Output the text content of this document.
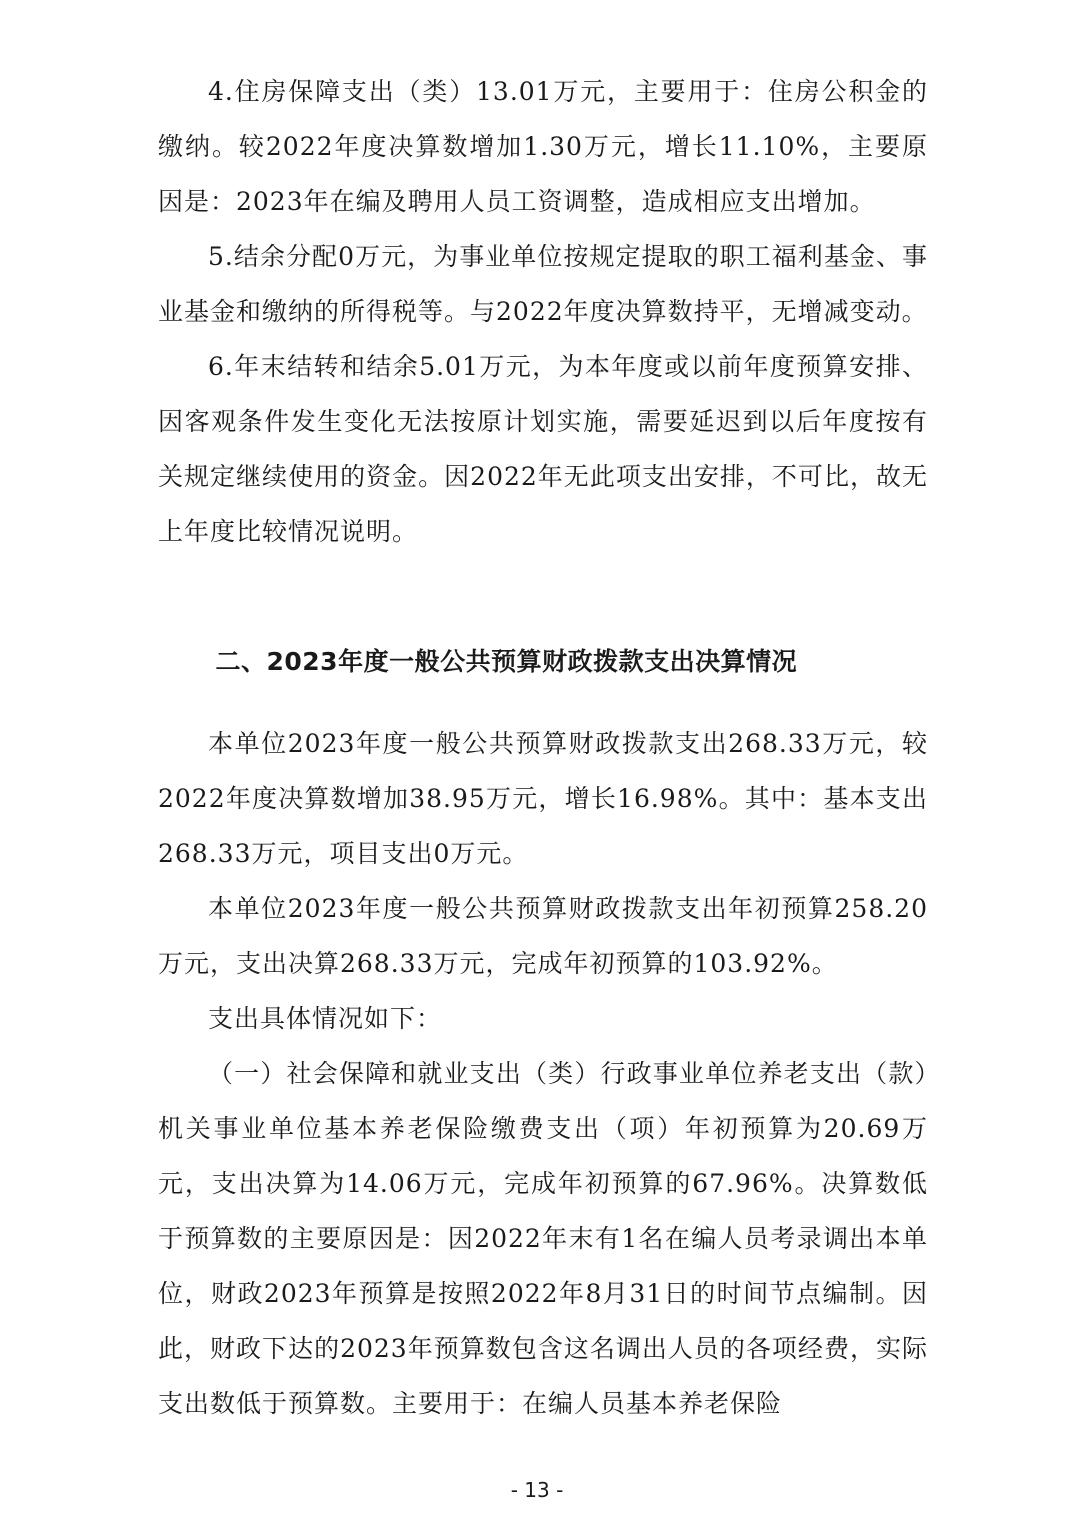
4.住房保障支出（类）13.01万元，主要用于：住房公积金的缴纳。较2022年度决算数增加1.30万元，增长11.10%，主要原因是：2023年在编及聘用人员工资调整，造成相应支出增加。

5.结余分配0万元，为事业单位按规定提取的职工福利基金、事业基金和缴纳的所得税等。与2022年度决算数持平，无增减变动。

6.年末结转和结余5.01万元，为本年度或以前年度预算安排、因客观条件发生变化无法按原计划实施，需要延迟到以后年度按有关规定继续使用的资金。因2022年无此项支出安排，不可比，故无上年度比较情况说明。

二、2023年度一般公共预算财政拨款支出决算情况

本单位2023年度一般公共预算财政拨款支出268.33万元，较2022年度决算数增加38.95万元，增长16.98%。其中：基本支出268.33万元，项目支出0万元。

本单位2023年度一般公共预算财政拨款支出年初预算258.20万元，支出决算268.33万元，完成年初预算的103.92%。

支出具体情况如下：

（一）社会保障和就业支出（类）行政事业单位养老支出（款）机关事业单位基本养老保险缴费支出（项）年初预算为20.69万元，支出决算为14.06万元，完成年初预算的67.96%。决算数低于预算数的主要原因是：因2022年末有1名在编人员考录调出本单位，财政2023年预算是按照2022年8月31日的时间节点编制。因此，财政下达的2023年预算数包含这名调出人员的各项经费，实际支出数低于预算数。主要用于：在编人员基本养老保险

- 13 -
